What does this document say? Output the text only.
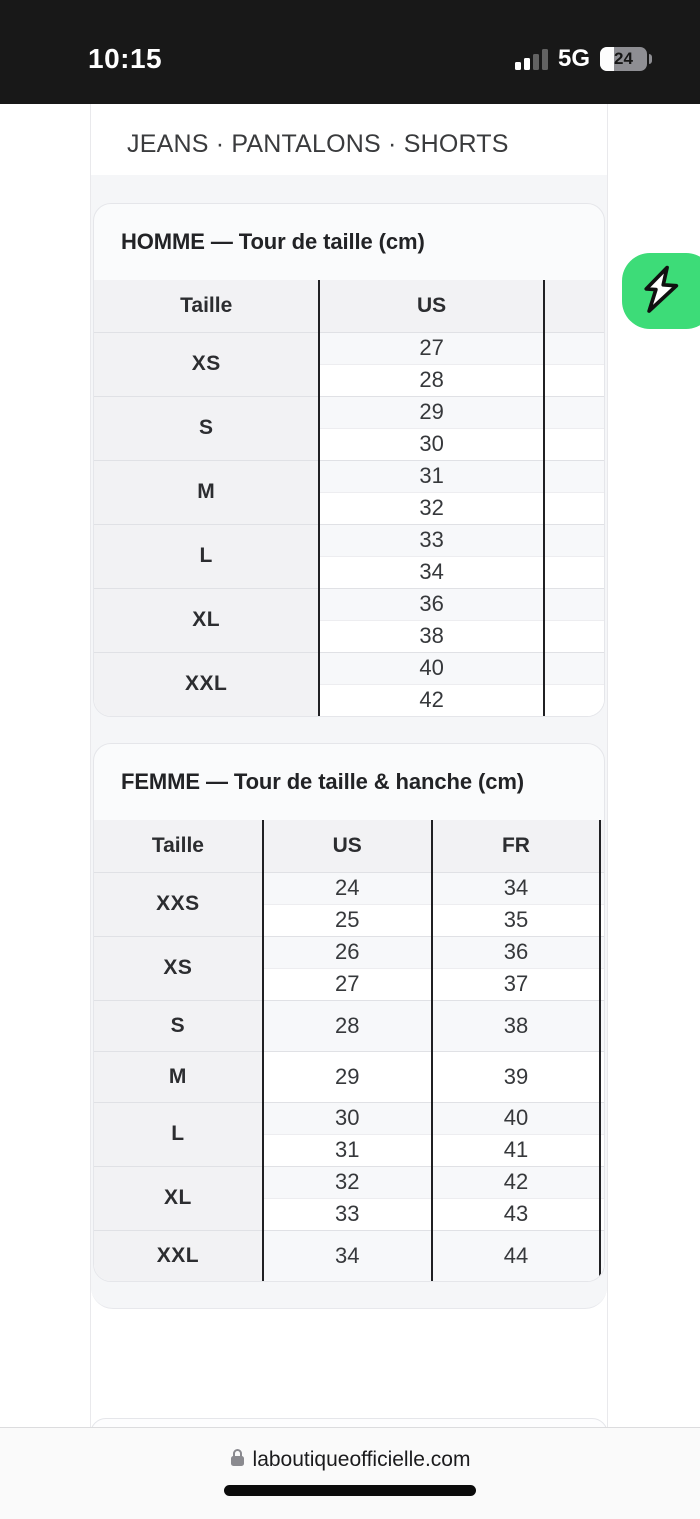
10:15	5G	24
JEANS · PANTALONS · SHORTS
HOMME — Tour de taille (cm)
Taille	US	
XS	27	
	28	
S	29	
	30	
M	31	
	32	
L	33	
	34	
XL	36	
	38	
XXL	40	
	42	
FEMME — Tour de taille & hanche (cm)
Taille	US	FR	
XXS	24	34	
	25	35	
XS	26	36	
	27	37	
S	28	38	
M	29	39	
L	30	40	
	31	41	
XL	32	42	
	33	43	
XXL	34	44	
laboutiqueofficielle.com
